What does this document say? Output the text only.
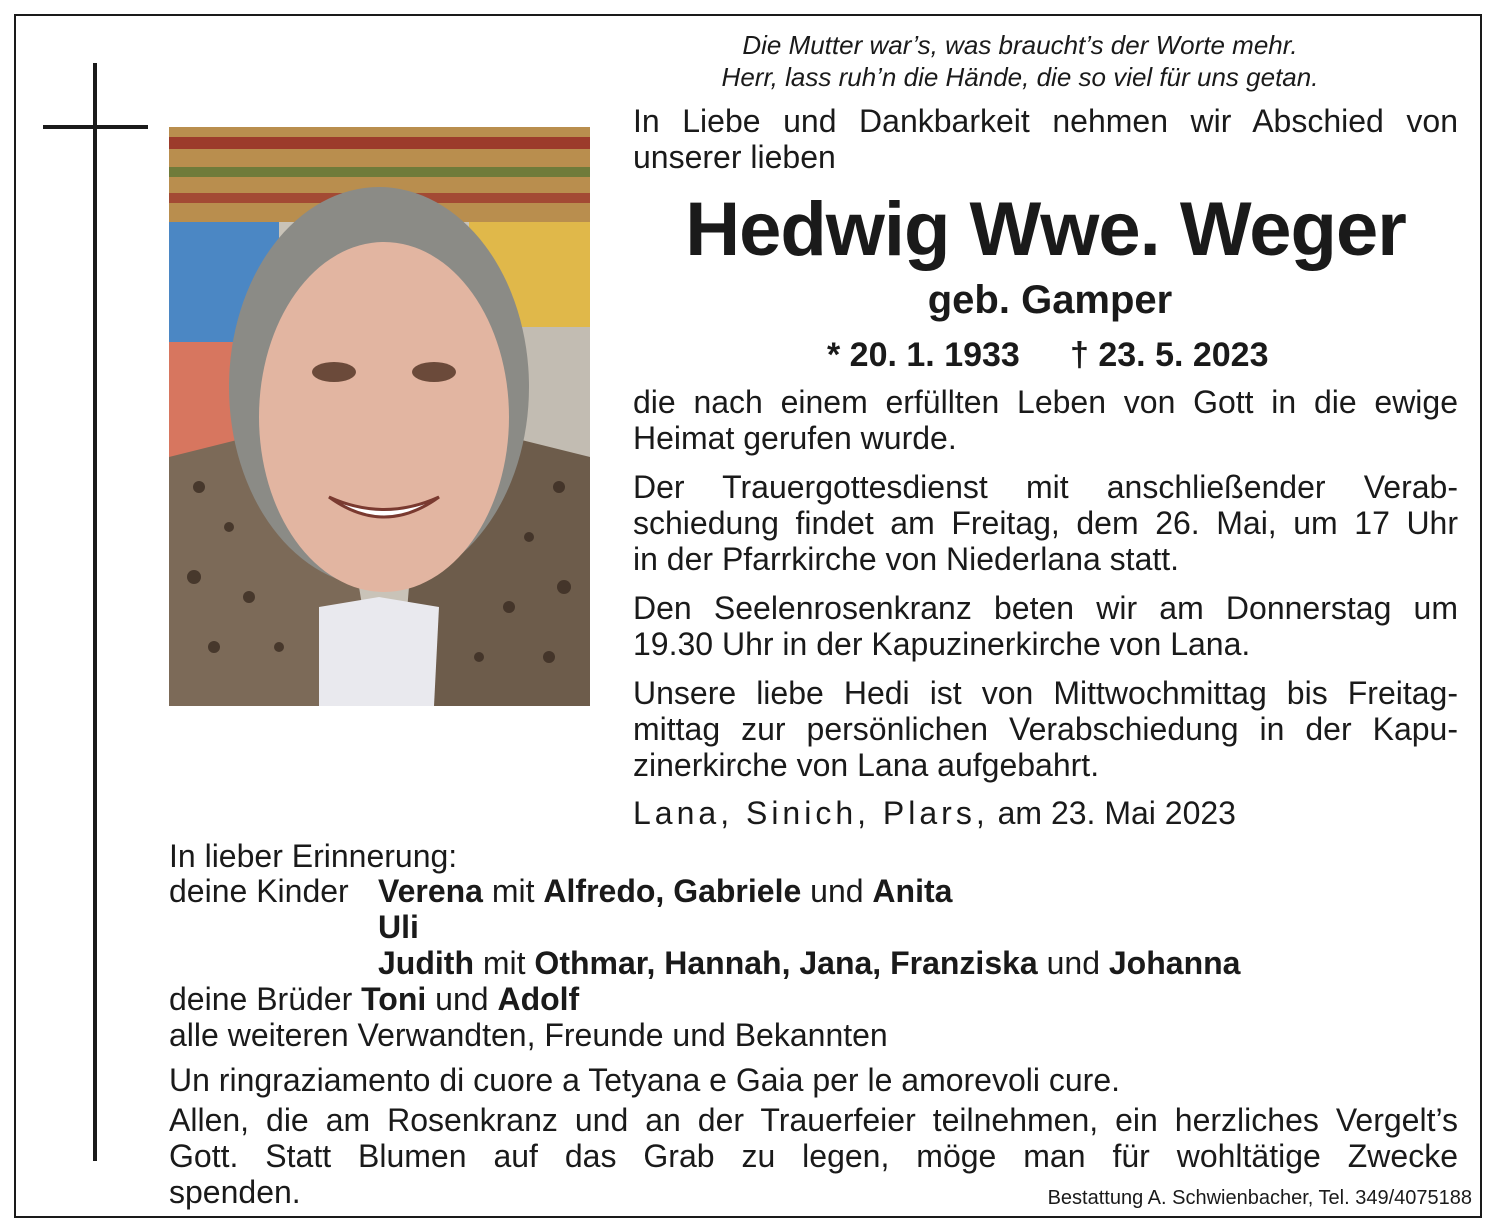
Die Mutter war’s, was braucht’s der Worte mehr.
Herr, lass ruh’n die Hände, die so viel für uns getan.
In Liebe und Dankbarkeit nehmen wir Abschied von
unserer lieben
Hedwig Wwe. Weger
geb. Gamper
* 20. 1. 1933 † 23. 5. 2023
die nach einem erfüllten Leben von Gott in die ewige
Heimat gerufen wurde.
Der Trauergottesdienst mit anschließender Verab-
schiedung findet am Freitag, dem 26. Mai, um 17 Uhr
in der Pfarrkirche von Niederlana statt.
Den Seelenrosenkranz beten wir am Donnerstag um
19.30 Uhr in der Kapuzinerkirche von Lana.
Unsere liebe Hedi ist von Mittwochmittag bis Freitag-
mittag zur persönlichen Verabschiedung in der Kapu-
zinerkirche von Lana aufgebahrt.
Lana, Sinich, Plars, am 23. Mai 2023
In lieber Erinnerung:
deine Kinder Verena mit Alfredo, Gabriele und Anita
Uli
Judith mit Othmar, Hannah, Jana, Franziska und Johanna
deine Brüder Toni und Adolf
alle weiteren Verwandten, Freunde und Bekannten
Un ringraziamento di cuore a Tetyana e Gaia per le amorevoli cure.
Allen, die am Rosenkranz und an der Trauerfeier teilnehmen, ein herzliches Vergelt’s
Gott. Statt Blumen auf das Grab zu legen, möge man für wohltätige Zwecke
spenden.	Bestattung A. Schwienbacher, Tel. 349/4075188
